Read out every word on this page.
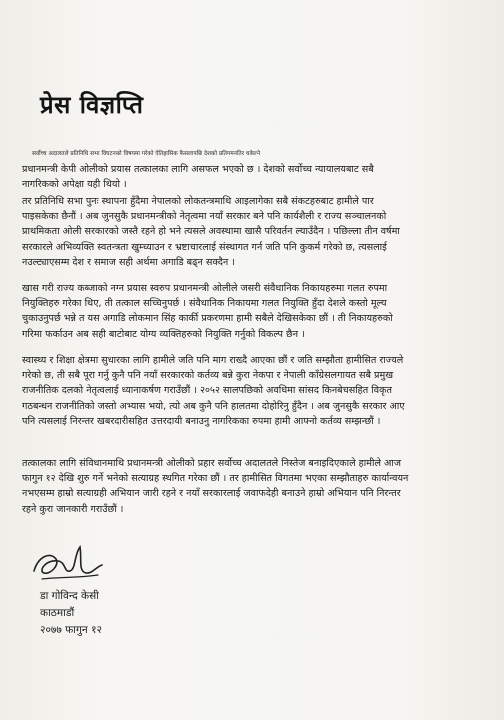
प्रेस विज्ञप्ति

सर्वोच्च अदालतले प्रतिनिधि सभा विघटनको विषयमा गरेको ऐतिहासिक फैसलापछि देशको प्रतिगमनतिर धकेल्ने
प्रधानमन्त्री केपी ओलीको प्रयास तत्कालका लागि असफल भएको छ । देशको सर्वोच्च न्यायालयबाट सबै
नागरिकको अपेक्षा यही थियो ।

तर प्रतिनिधि सभा पुनः स्थापना हुँदैमा नेपालको लोकतन्त्रमाथि आइलागेका सबै संकटहरुबाट हामीले पार
पाइसकेका छैनौं । अब जुनसुकै प्रधानमन्त्रीको नेतृत्वमा नयाँ सरकार बने पनि कार्यशैली र राज्य सञ्चालनको
प्राथमिकता ओली सरकारको जस्तै रहने हो भने त्यसले अवस्थामा खासै परिवर्तन ल्याउँदैन । पछिल्ला तीन वर्षमा
सरकारले अभिव्यक्ति स्वतन्त्रता खुम्च्याउन र भ्रष्टाचारलाई संस्थागत गर्न जति पनि कुकर्म गरेको छ, त्यसलाई
नउल्ट्याएसम्म देश र समाज सही अर्थमा अगाडि बढ्न सक्दैन ।

खास गरी राज्य कब्जाको नग्न प्रयास स्वरुप प्रधानमन्त्री ओलीले जसरी संवैधानिक निकायहरुमा गलत रुपमा
नियुक्तिहरु गरेका थिए, ती तत्काल सच्चिनुपर्छ । संवैधानिक निकायमा गलत नियुक्ति हुँदा देशले कस्तो मूल्य
चुकाउनुपर्छ भन्ने त यस अगाडि लोकमान सिंह कार्की प्रकरणमा हामी सबैले देखिसकेका छौं । ती निकायहरुको
गरिमा फर्काउन अब सही बाटोबाट योग्य व्यक्तिहरुको नियुक्ति गर्नुको विकल्प छैन ।

स्वास्थ्य र शिक्षा क्षेत्रमा सुधारका लागि हामीले जति पनि माग राख्दै आएका छौं र जति सम्झौता हामीसित राज्यले
गरेको छ, ती सबै पूरा गर्नु कुनै पनि नयाँ सरकारको कर्तव्य बन्ने कुरा नेकपा र नेपाली काँग्रेसलगायत सबै प्रमुख
राजनीतिक दलको नेतृत्वलाई ध्यानाकर्षण गराउँछौं । २०५२ सालपछिको अवधिमा सांसद किनबेचसहित विकृत
गठबन्धन राजनीतिको जस्तो अभ्यास भयो, त्यो अब कुनै पनि हालतमा दोहोरिनु हुँदैन । अब जुनसुकै सरकार आए
पनि त्यसलाई निरन्तर खबरदारीसहित उत्तरदायी बनाउनु नागरिकका रुपमा हामी आफ्नो कर्तव्य सम्झन्छौं ।

तत्कालका लागि संविधानमाथि प्रधानमन्त्री ओलीको प्रहार सर्वोच्च अदालतले निस्तेज बनाइदिएकाले हामीले आज
फागुन १२ देखि शुरु गर्ने भनेको सत्याग्रह स्थगित गरेका छौं । तर हामीसित विगतमा भएका सम्झौताहरु कार्यान्वयन
नभएसम्म हाम्रो सत्याग्रही अभियान जारी रहने र नयाँ सरकारलाई जवाफदेही बनाउने हाम्रो अभियान पनि निरन्तर
रहने कुरा जानकारी गराउँछौं ।

डा गोविन्द केसी
काठमाडौं
२०७७ फागुन १२
